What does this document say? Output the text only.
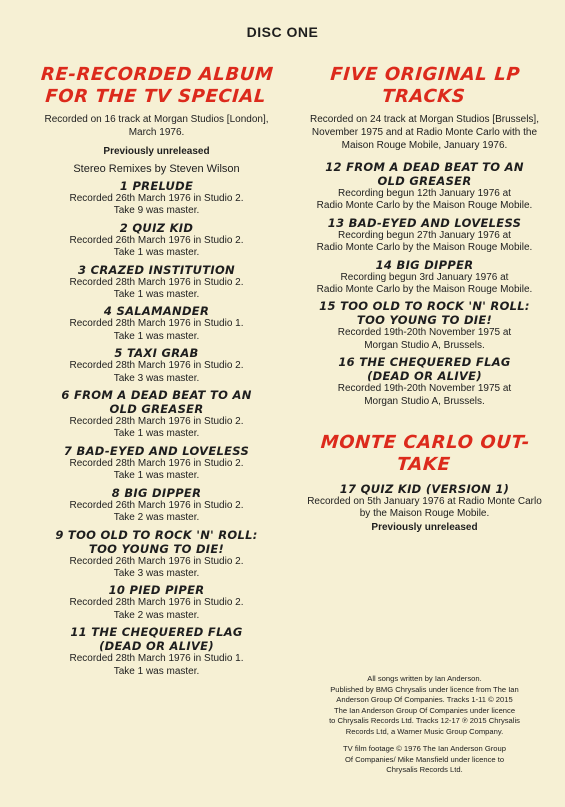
DISC ONE
RE-RECORDED ALBUM
FOR THE TV SPECIAL
Recorded on 16 track at Morgan Studios [London],
March 1976.
Previously unreleased
Stereo Remixes by Steven Wilson
1 PRELUDE
Recorded 26th March 1976 in Studio 2.
Take 9 was master.
2 QUIZ KID
Recorded 26th March 1976 in Studio 2.
Take 1 was master.
3 CRAZED INSTITUTION
Recorded 28th March 1976 in Studio 2.
Take 1 was master.
4 SALAMANDER
Recorded 28th March 1976 in Studio 1.
Take 1 was master.
5 TAXI GRAB
Recorded 28th March 1976 in Studio 2.
Take 3 was master.
6 FROM A DEAD BEAT TO AN
OLD GREASER
Recorded 28th March 1976 in Studio 2.
Take 1 was master.
7 BAD-EYED AND LOVELESS
Recorded 28th March 1976 in Studio 2.
Take 1 was master.
8 BIG DIPPER
Recorded 26th March 1976 in Studio 2.
Take 2 was master.
9 TOO OLD TO ROCK 'N' ROLL:
TOO YOUNG TO DIE!
Recorded 26th March 1976 in Studio 2.
Take 3 was master.
10 PIED PIPER
Recorded 28th March 1976 in Studio 2.
Take 2 was master.
11 THE CHEQUERED FLAG
(DEAD OR ALIVE)
Recorded 28th March 1976 in Studio 1.
Take 1 was master.
FIVE ORIGINAL LP TRACKS
Recorded on 24 track at Morgan Studios [Brussels],
November 1975 and at Radio Monte Carlo with the
Maison Rouge Mobile, January 1976.
12 FROM A DEAD BEAT TO AN
OLD GREASER
Recording begun 12th January 1976 at
Radio Monte Carlo by the Maison Rouge Mobile.
13 BAD-EYED AND LOVELESS
Recording begun 27th January 1976 at
Radio Monte Carlo by the Maison Rouge Mobile.
14 BIG DIPPER
Recording begun 3rd January 1976 at
Radio Monte Carlo by the Maison Rouge Mobile.
15 TOO OLD TO ROCK 'N' ROLL:
TOO YOUNG TO DIE!
Recorded 19th-20th November 1975 at
Morgan Studio A, Brussels.
16 THE CHEQUERED FLAG
(DEAD OR ALIVE)
Recorded 19th-20th November 1975 at
Morgan Studio A, Brussels.
MONTE CARLO OUT-TAKE
17 QUIZ KID (VERSION 1)
Recorded on 5th January 1976 at Radio Monte Carlo
by the Maison Rouge Mobile.
Previously unreleased

All songs written by Ian Anderson.
Published by BMG Chrysalis under licence from The Ian
Anderson Group Of Companies. Tracks 1-11 © 2015
The Ian Anderson Group Of Companies under licence
to Chrysalis Records Ltd. Tracks 12-17 ℗ 2015 Chrysalis
Records Ltd, a Warner Music Group Company.

TV film footage © 1976 The Ian Anderson Group
Of Companies/ Mike Mansfield under licence to
Chrysalis Records Ltd.
